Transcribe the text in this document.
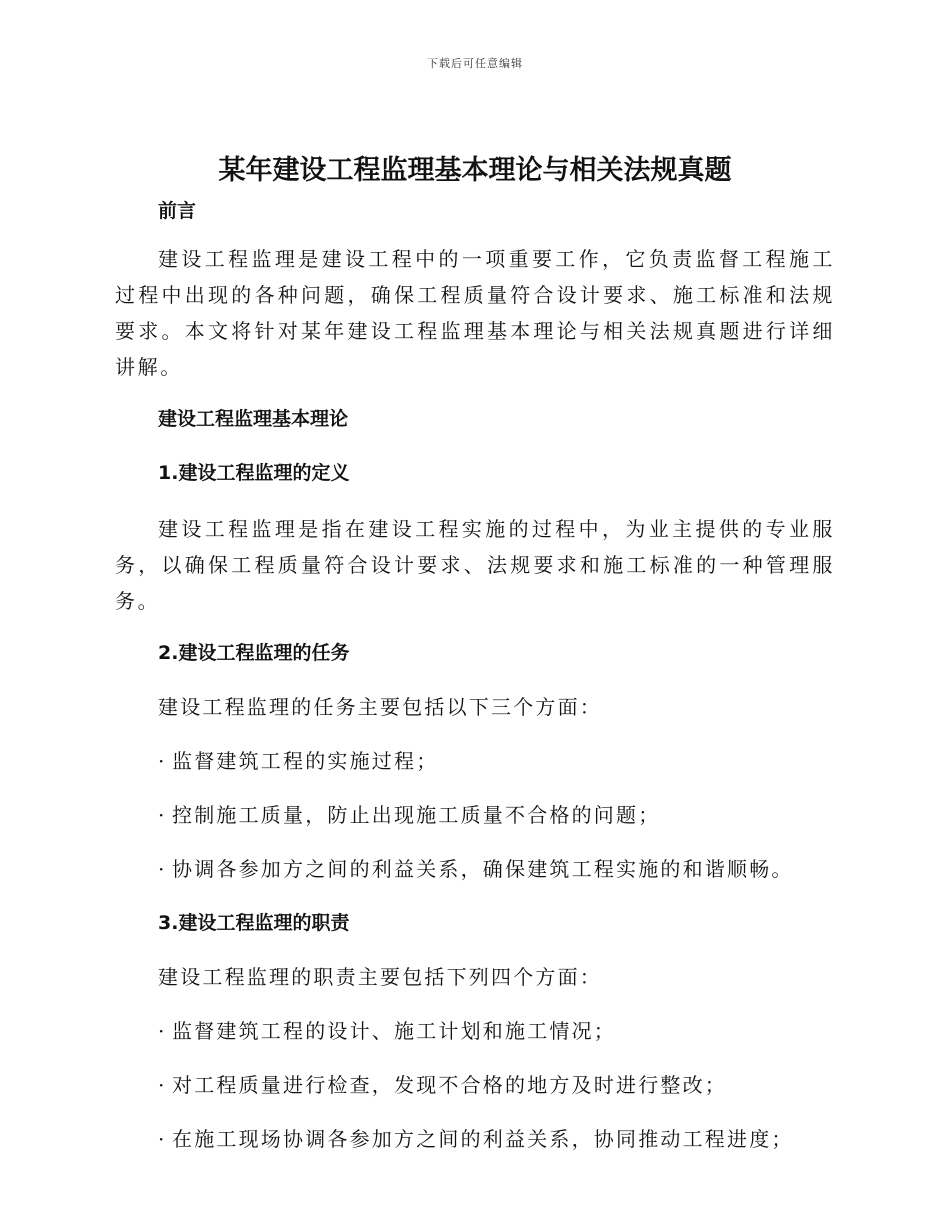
下载后可任意编辑
某年建设工程监理基本理论与相关法规真题
前言

建设工程监理是建设工程中的一项重要工作，它负责监督工程施工过程中出现的各种问题，确保工程质量符合设计要求、施工标准和法规要求。本文将针对某年建设工程监理基本理论与相关法规真题进行详细讲解。

建设工程监理基本理论
1.建设工程监理的定义

建设工程监理是指在建设工程实施的过程中，为业主提供的专业服务，以确保工程质量符合设计要求、法规要求和施工标准的一种管理服务。

2.建设工程监理的任务
建设工程监理的任务主要包括以下三个方面：
· 监督建筑工程的实施过程；
· 控制施工质量，防止出现施工质量不合格的问题；
· 协调各参加方之间的利益关系，确保建筑工程实施的和谐顺畅。
3.建设工程监理的职责
建设工程监理的职责主要包括下列四个方面：
· 监督建筑工程的设计、施工计划和施工情况；
· 对工程质量进行检查，发现不合格的地方及时进行整改；
· 在施工现场协调各参加方之间的利益关系，协同推动工程进度；
